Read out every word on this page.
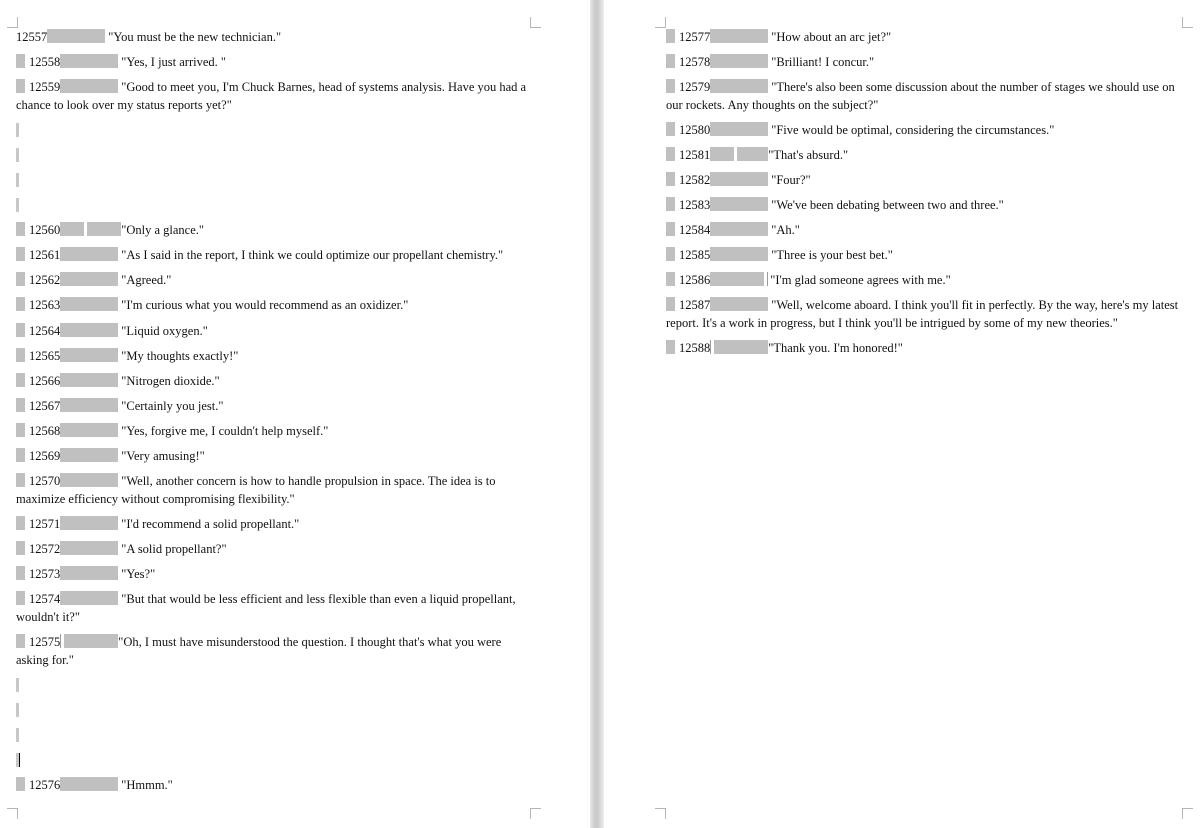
12557	"You must be the new technician."
12558	"Yes, I just arrived. "
12559	"Good to meet you, I'm Chuck Barnes, head of systems analysis. Have you had a chance to look over my status reports yet?"
12560	"Only a glance."
12561	"As I said in the report, I think we could optimize our propellant chemistry."
12562	"Agreed."
12563	"I'm curious what you would recommend as an oxidizer."
12564	"Liquid oxygen."
12565	"My thoughts exactly!"
12566	"Nitrogen dioxide."
12567	"Certainly you jest."
12568	"Yes, forgive me, I couldn't help myself."
12569	"Very amusing!"
12570	"Well, another concern is how to handle propulsion in space. The idea is to maximize efficiency without compromising flexibility."
12571	"I'd recommend a solid propellant."
12572	"A solid propellant?"
12573	"Yes?"
12574	"But that would be less efficient and less flexible than even a liquid propellant, wouldn't it?"
12575	"Oh, I must have misunderstood the question. I thought that's what you were asking for."
12576	"Hmmm."
12577	"How about an arc jet?"
12578	"Brilliant! I concur."
12579	"There's also been some discussion about the number of stages we should use on our rockets. Any thoughts on the subject?"
12580	"Five would be optimal, considering the circumstances."
12581	"That's absurd."
12582	"Four?"
12583	"We've been debating between two and three."
12584	"Ah."
12585	"Three is your best bet."
12586	"I'm glad someone agrees with me."
12587	"Well, welcome aboard. I think you'll fit in perfectly. By the way, here's my latest report. It's a work in progress, but I think you'll be intrigued by some of my new theories."
12588	"Thank you. I'm honored!"
